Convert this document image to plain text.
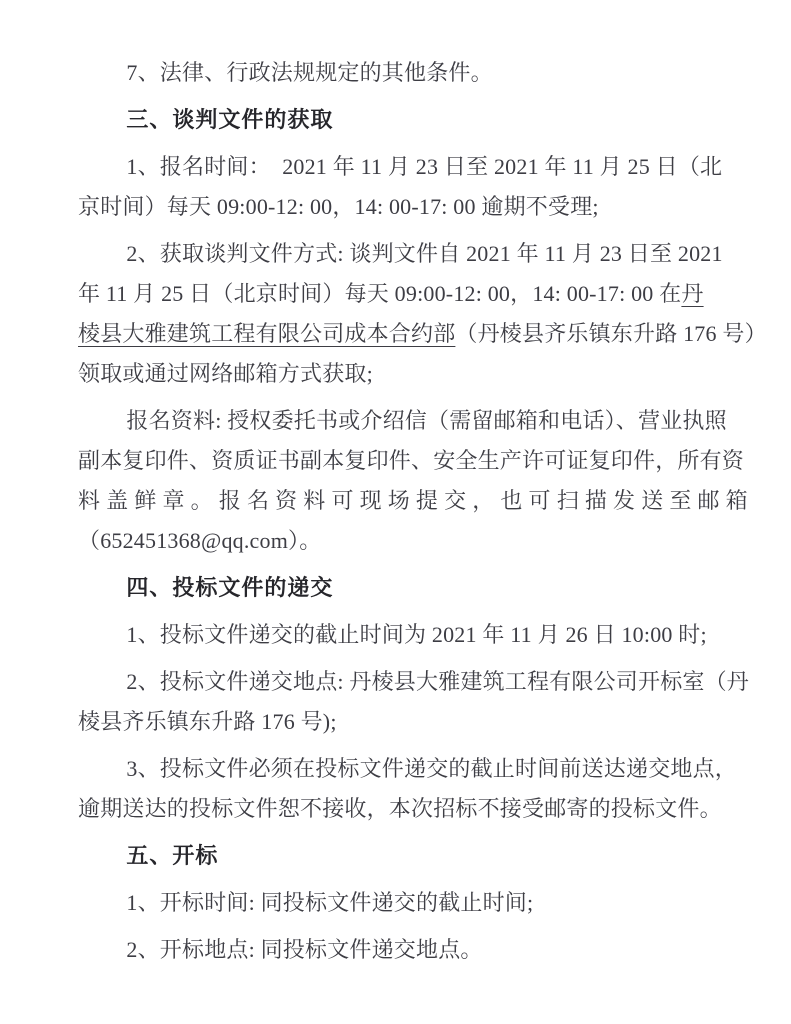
7、法律、行政法规规定的其他条件。
三、谈判文件的获取
1、报名时间：  2021 年 11 月 23 日至 2021 年 11 月 25 日（北
京时间）每天 09:00-12: 00，14: 00-17: 00 逾期不受理;
2、获取谈判文件方式: 谈判文件自 2021 年 11 月 23 日至 2021
年 11 月 25 日（北京时间）每天 09:00-12: 00，14: 00-17: 00 在丹
棱县大雅建筑工程有限公司成本合约部（丹棱县齐乐镇东升路 176 号）
领取或通过网络邮箱方式获取;
报名资料: 授权委托书或介绍信（需留邮箱和电话）、营业执照
副本复印件、资质证书副本复印件、安全生产许可证复印件，所有资
料盖鲜章。报名资料可现场提交，也可扫描发送至邮箱
（652451368@qq.com）。
四、投标文件的递交
1、投标文件递交的截止时间为 2021 年 11 月 26 日 10:00 时;
2、投标文件递交地点: 丹棱县大雅建筑工程有限公司开标室（丹
棱县齐乐镇东升路 176 号);
3、投标文件必须在投标文件递交的截止时间前送达递交地点，
逾期送达的投标文件恕不接收，本次招标不接受邮寄的投标文件。
五、开标
1、开标时间: 同投标文件递交的截止时间;
2、开标地点: 同投标文件递交地点。
